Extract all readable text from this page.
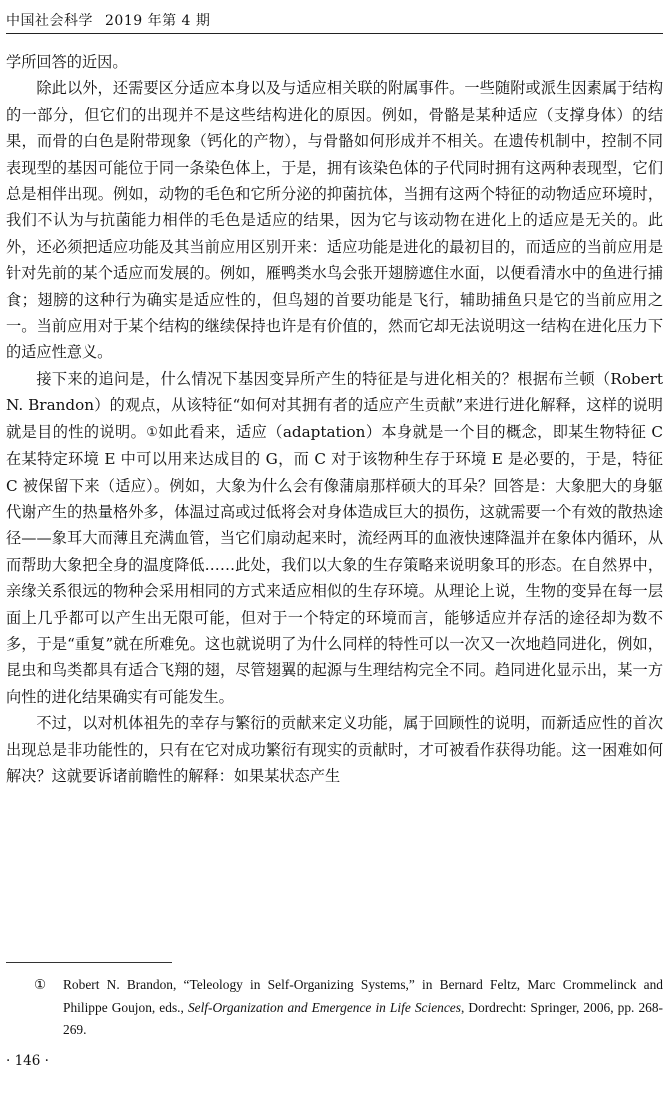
中国社会科学 2019 年第 4 期

学所回答的近因。

除此以外，还需要区分适应本身以及与适应相关联的附属事件。一些随附或派生因素属于结构的一部分，但它们的出现并不是这些结构进化的原因。例如，骨骼是某种适应（支撑身体）的结果，而骨的白色是附带现象（钙化的产物），与骨骼如何形成并不相关。在遗传机制中，控制不同表现型的基因可能位于同一条染色体上，于是，拥有该染色体的子代同时拥有这两种表现型，它们总是相伴出现。例如，动物的毛色和它所分泌的抑菌抗体，当拥有这两个特征的动物适应环境时，我们不认为与抗菌能力相伴的毛色是适应的结果，因为它与该动物在进化上的适应是无关的。此外，还必须把适应功能及其当前应用区别开来：适应功能是进化的最初目的，而适应的当前应用是针对先前的某个适应而发展的。例如，雁鸭类水鸟会张开翅膀遮住水面，以便看清水中的鱼进行捕食；翅膀的这种行为确实是适应性的，但鸟翅的首要功能是飞行，辅助捕鱼只是它的当前应用之一。当前应用对于某个结构的继续保持也许是有价值的，然而它却无法说明这一结构在进化压力下的适应性意义。

接下来的追问是，什么情况下基因变异所产生的特征是与进化相关的？根据布兰顿（Robert N. Brandon）的观点，从该特征“如何对其拥有者的适应产生贡献”来进行进化解释，这样的说明就是目的性的说明。①如此看来，适应（adaptation）本身就是一个目的概念，即某生物特征 C 在某特定环境 E 中可以用来达成目的 G，而 C 对于该物种生存于环境 E 是必要的，于是，特征 C 被保留下来（适应）。例如，大象为什么会有像蒲扇那样硕大的耳朵？回答是：大象肥大的身躯代谢产生的热量格外多，体温过高或过低将会对身体造成巨大的损伤，这就需要一个有效的散热途径——象耳大而薄且充满血管，当它们扇动起来时，流经两耳的血液快速降温并在象体内循环，从而帮助大象把全身的温度降低……此处，我们以大象的生存策略来说明象耳的形态。在自然界中，亲缘关系很远的物种会采用相同的方式来适应相似的生存环境。从理论上说，生物的变异在每一层面上几乎都可以产生出无限可能，但对于一个特定的环境而言，能够适应并存活的途径却为数不多，于是“重复”就在所难免。这也就说明了为什么同样的特性可以一次又一次地趋同进化，例如，昆虫和鸟类都具有适合飞翔的翅，尽管翅翼的起源与生理结构完全不同。趋同进化显示出，某一方向性的进化结果确实有可能发生。

不过，以对机体祖先的幸存与繁衍的贡献来定义功能，属于回顾性的说明，而新适应性的首次出现总是非功能性的，只有在它对成功繁衍有现实的贡献时，才可被看作获得功能。这一困难如何解决？这就要诉诸前瞻性的解释：如果某状态产生

① Robert N. Brandon, “Teleology in Self-Organizing Systems,” in Bernard Feltz, Marc Crommelinck and Philippe Goujon, eds., Self-Organization and Emergence in Life Sciences, Dordrecht: Springer, 2006, pp. 268-269.
· 146 ·
